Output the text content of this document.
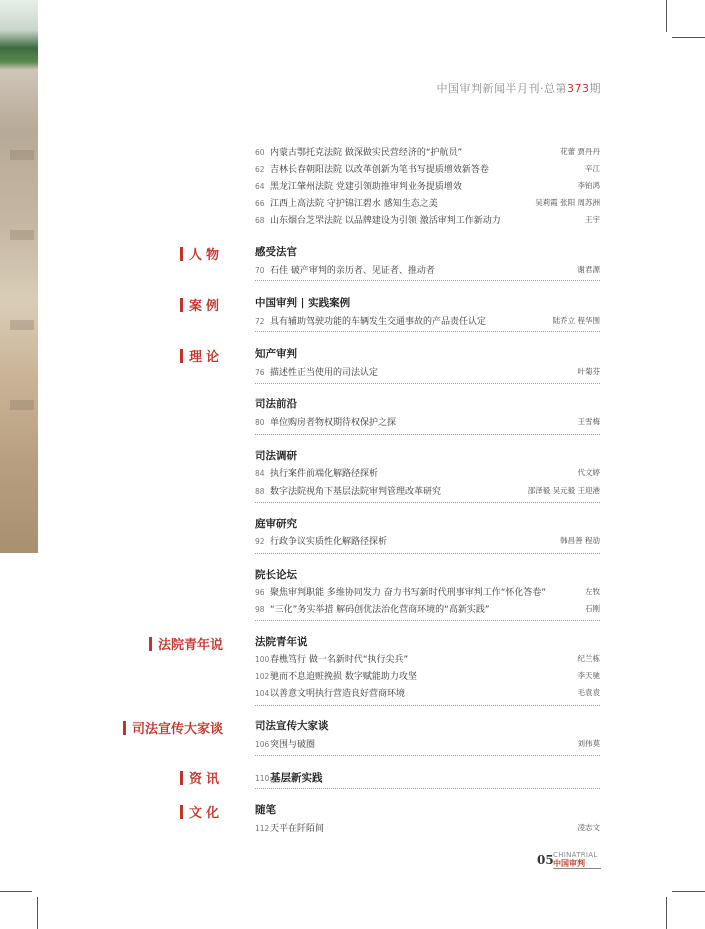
中国审判新闻半月刊·总第373期
60 内蒙古鄂托克法院 做深做实民营经济的“护航员”	花蕾 贾丹丹
62 吉林长春朝阳法院 以改革创新为笔书写提质增效新答卷	辛江
64 黑龙江肇州法院 党建引领助推审判业务提质增效	李铂鸿
66 江西上高法院 守护锦江碧水 感知生态之美	吴莉霞 张阳 周苏洲
68 山东烟台芝罘法院 以品牌建设为引领 激活审判工作新动力	王宇
人物	感受法官
70 石佳 破产审判的亲历者、见证者、推动者	谢君源
案例	中国审判 | 实践案例
72 具有辅助驾驶功能的车辆发生交通事故的产品责任认定	陆乔立 程华围
理论	知产审判
76 描述性正当使用的司法认定	叶菊芬
司法前沿
80 单位购房者物权期待权保护之探	王雪梅
司法调研
84 执行案件前端化解路径探析	代文婷
88 数字法院视角下基层法院审判管理改革研究	邵泽毅 吴元毅 王迎港
庭审研究
92 行政争议实质性化解路径探析	韩昌善 程劢
院长论坛
96 聚焦审判职能 多维协同发力 奋力书写新时代刑事审判工作“怀化答卷”	左牧
98 “三化”务实举措 解码创优法治化营商环境的“高新实践”	石刚
法院青年说	法院青年说
100春樵笃行 做一名新时代“执行尖兵”	纪兰栋
102驰而不息追赃挽损 数字赋能助力攻坚	李天驰
104以善意文明执行营造良好营商环境	毛袁袁
司法宣传大家谈	司法宣传大家谈
106突围与破圈	刘伟莫
资讯	110基层新实践
文化	随笔
112天平在阡陌间	凌志文
05 CHINATRIAL
中国审判
